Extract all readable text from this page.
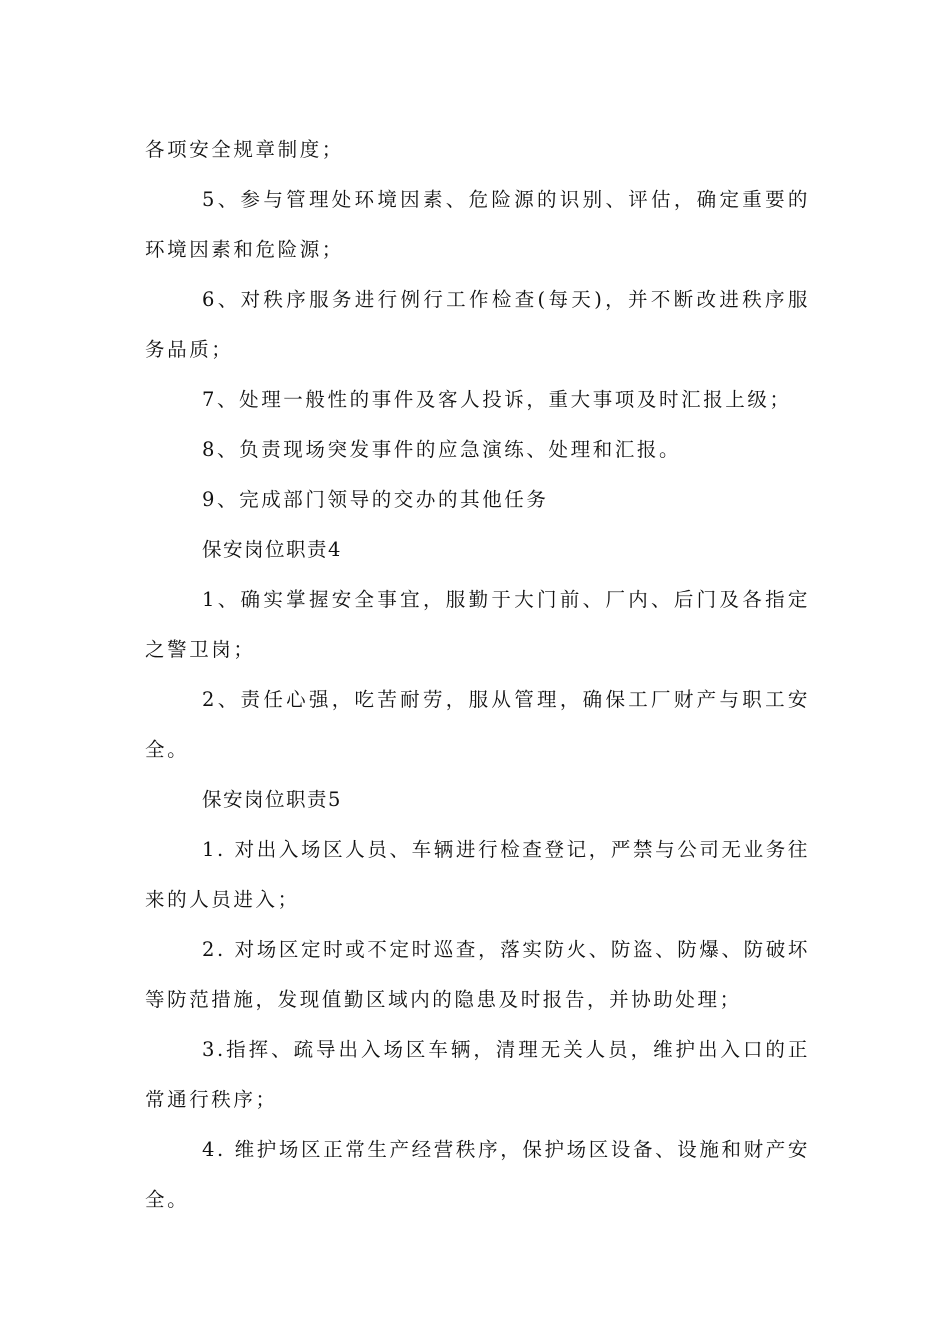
各项安全规章制度；

5、参与管理处环境因素、危险源的识别、评估，确定重要的环境因素和危险源；

6、对秩序服务进行例行工作检查(每天)，并不断改进秩序服务品质；

7、处理一般性的事件及客人投诉，重大事项及时汇报上级；

8、负责现场突发事件的应急演练、处理和汇报。

9、完成部门领导的交办的其他任务

保安岗位职责4

1、确实掌握安全事宜，服勤于大门前、厂内、后门及各指定之警卫岗；

2、责任心强，吃苦耐劳，服从管理，确保工厂财产与职工安全。

保安岗位职责5

1. 对出入场区人员、车辆进行检查登记，严禁与公司无业务往来的人员进入；

2. 对场区定时或不定时巡查，落实防火、防盗、防爆、防破坏等防范措施，发现值勤区域内的隐患及时报告，并协助处理；

3.指挥、疏导出入场区车辆，清理无关人员，维护出入口的正常通行秩序；

4. 维护场区正常生产经营秩序，保护场区设备、设施和财产安全。
